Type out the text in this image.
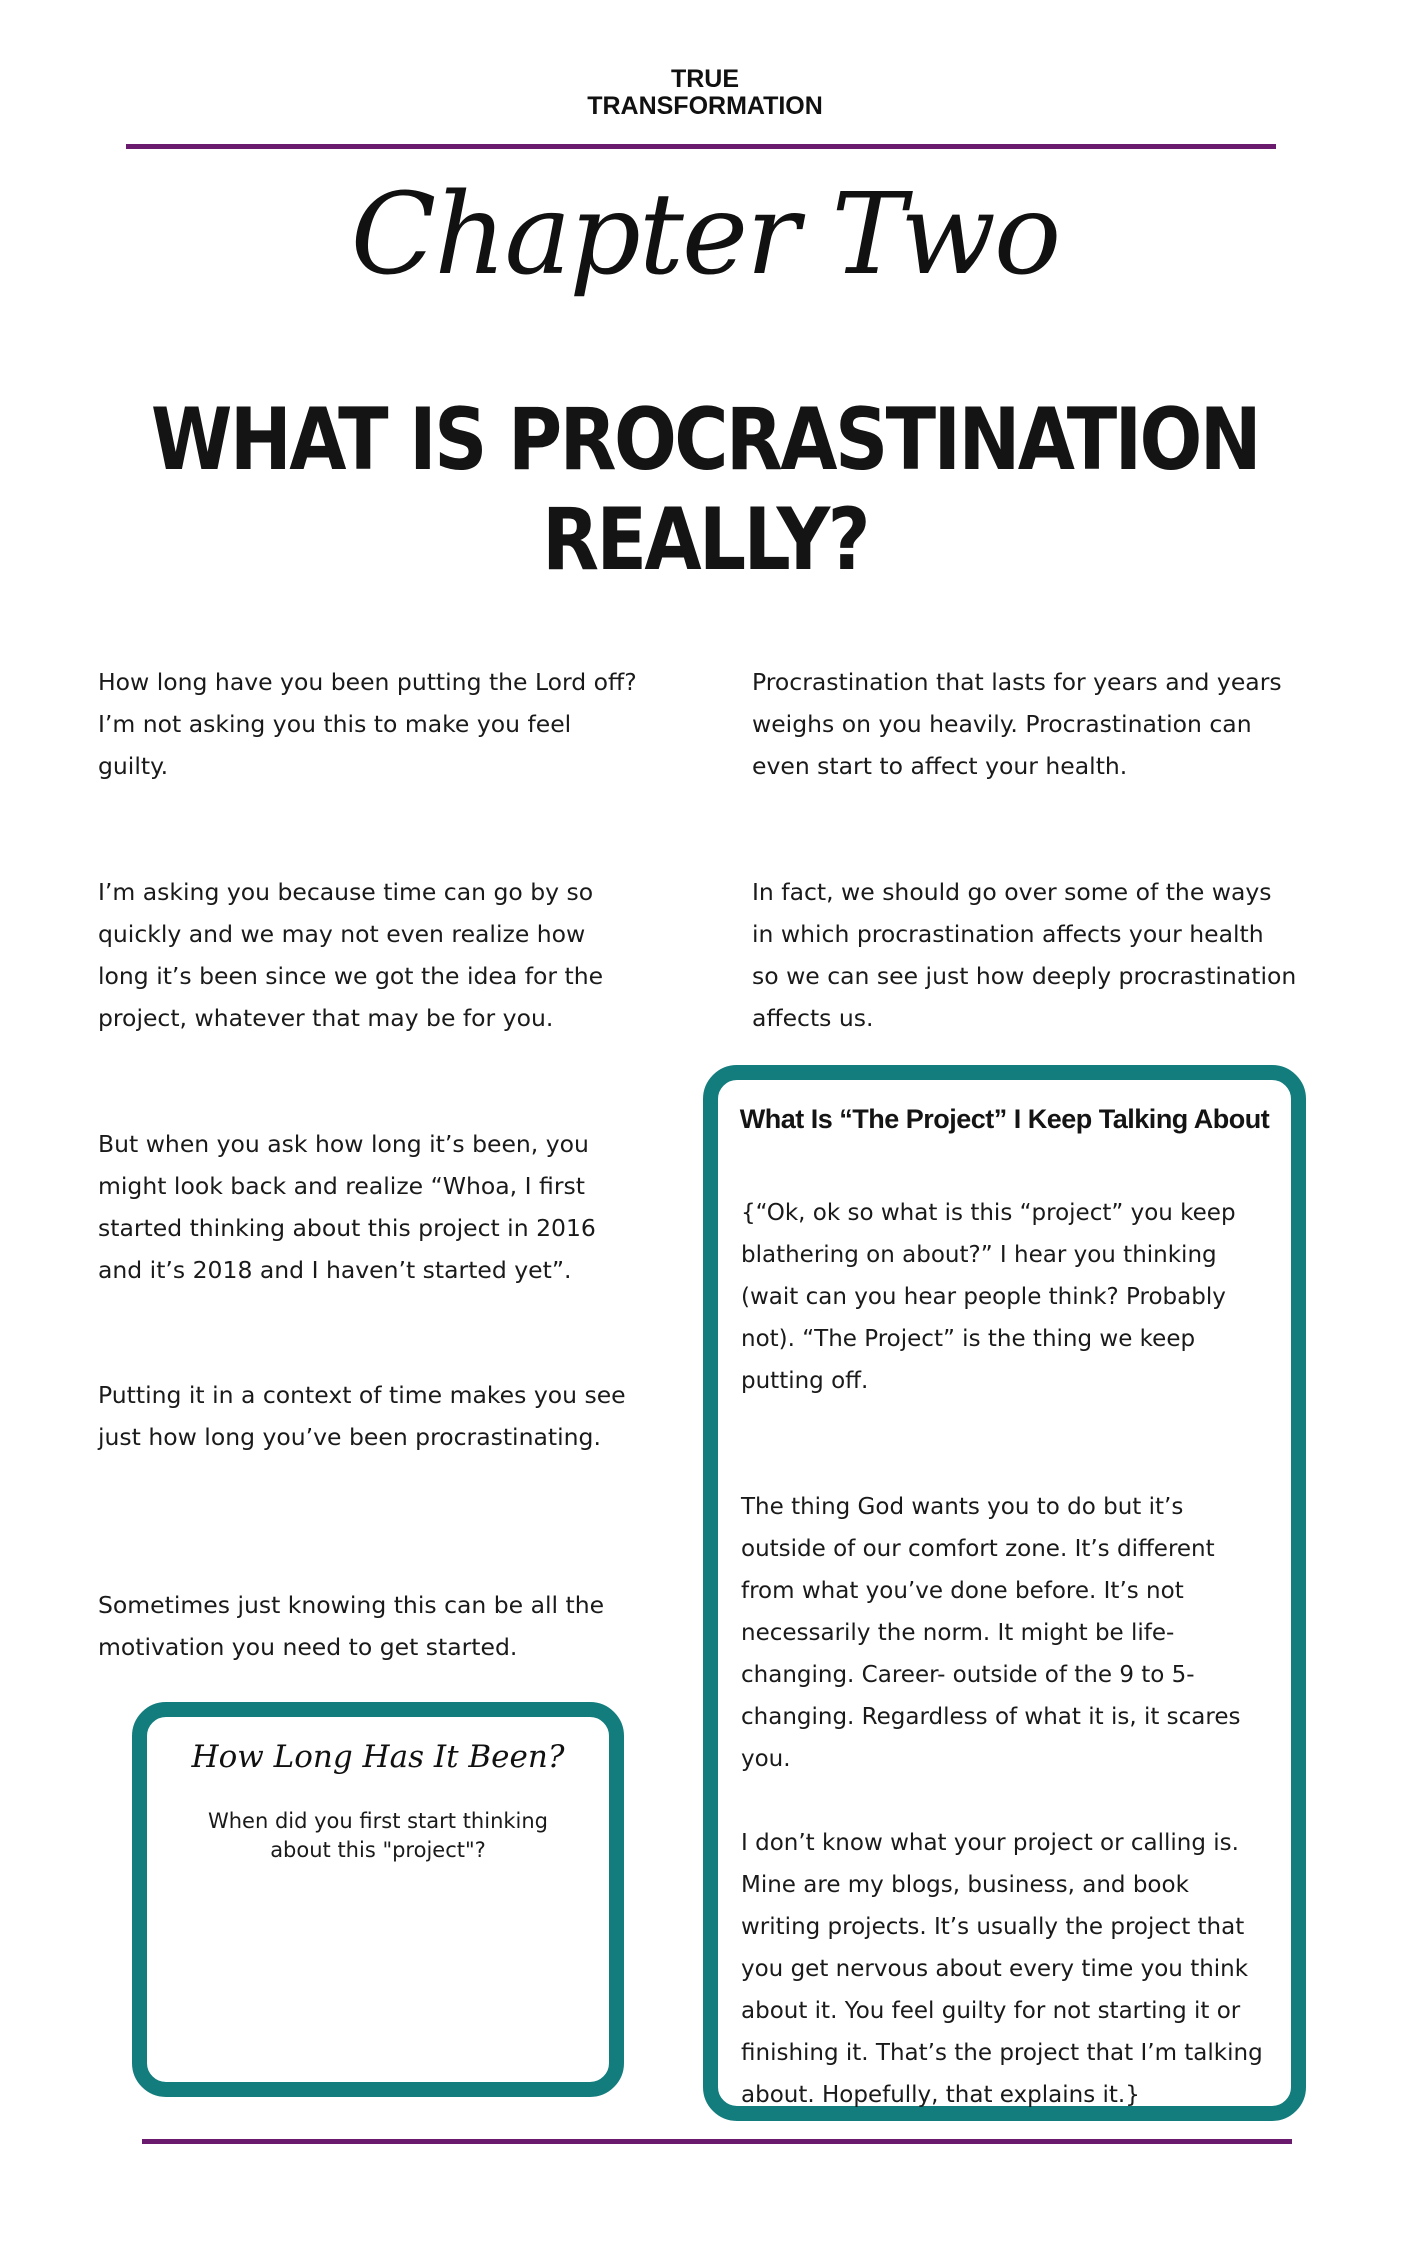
TRUE
TRANSFORMATION
Chapter Two
WHAT IS PROCRASTINATION
REALLY?

How long have you been putting the Lord off? I’m not asking you this to make you feel guilty.

I’m asking you because time can go by so quickly and we may not even realize how long it’s been since we got the idea for the project, whatever that may be for you.

But when you ask how long it’s been, you might look back and realize “Whoa, I first started thinking about this project in 2016 and it’s 2018 and I haven’t started yet”.

Putting it in a context of time makes you see just how long you’ve been procrastinating.

Sometimes just knowing this can be all the motivation you need to get started.

Procrastination that lasts for years and years weighs on you heavily. Procrastination can even start to affect your health.

In fact, we should go over some of the ways in which procrastination affects your health so we can see just how deeply procrastination affects us.

How Long Has It Been?
When did you first start thinking about this "project"?
What Is “The Project” I Keep Talking About

{“Ok, ok so what is this “project” you keep blathering on about?” I hear you thinking (wait can you hear people think? Probably not). “The Project” is the thing we keep putting off.

The thing God wants you to do but it’s outside of our comfort zone. It’s different from what you’ve done before. It’s not necessarily the norm. It might be life-changing. Career- outside of the 9 to 5-changing. Regardless of what it is, it scares you.

I don’t know what your project or calling is. Mine are my blogs, business, and book writing projects. It’s usually the project that you get nervous about every time you think about it. You feel guilty for not starting it or finishing it. That’s the project that I’m talking about. Hopefully, that explains it.}
